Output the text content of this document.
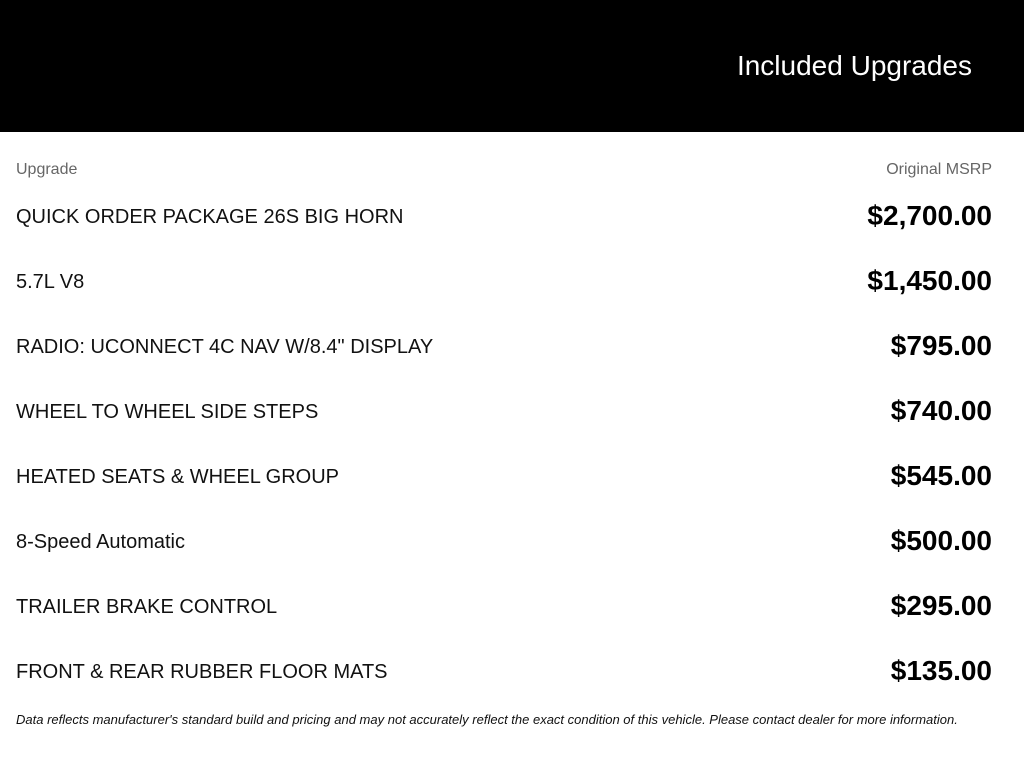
Included Upgrades
Upgrade	Original MSRP
QUICK ORDER PACKAGE 26S BIG HORN	$2,700.00
5.7L V8	$1,450.00
RADIO: UCONNECT 4C NAV W/8.4" DISPLAY	$795.00
WHEEL TO WHEEL SIDE STEPS	$740.00
HEATED SEATS & WHEEL GROUP	$545.00
8-Speed Automatic	$500.00
TRAILER BRAKE CONTROL	$295.00
FRONT & REAR RUBBER FLOOR MATS	$135.00
Data reflects manufacturer's standard build and pricing and may not accurately reflect the exact condition of this vehicle. Please contact dealer for more information.
